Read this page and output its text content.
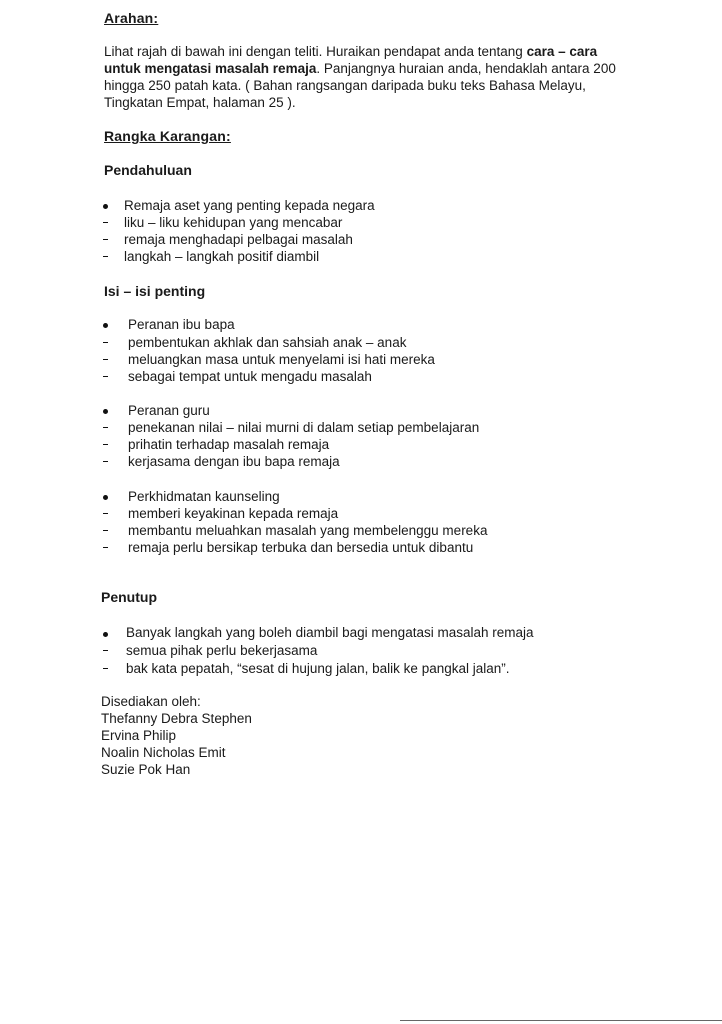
Arahan:
Lihat rajah di bawah ini dengan teliti. Huraikan pendapat anda tentang cara – cara untuk mengatasi masalah remaja. Panjangnya huraian anda, hendaklah antara 200 hingga 250 patah kata. ( Bahan rangsangan daripada buku teks Bahasa Melayu, Tingkatan Empat, halaman 25 ).
Rangka Karangan:
Pendahuluan
Remaja aset yang penting kepada negara
liku – liku kehidupan yang mencabar
remaja menghadapi pelbagai masalah
langkah – langkah positif diambil
Isi – isi penting
Peranan ibu bapa
pembentukan akhlak dan sahsiah anak – anak
meluangkan masa untuk menyelami isi hati mereka
sebagai tempat untuk mengadu masalah
Peranan guru
penekanan nilai – nilai murni di dalam setiap pembelajaran
prihatin terhadap masalah remaja
kerjasama dengan ibu bapa remaja
Perkhidmatan kaunseling
memberi keyakinan kepada remaja
membantu meluahkan masalah yang membelenggu mereka
remaja perlu bersikap terbuka dan bersedia untuk dibantu
Penutup
Banyak langkah yang boleh diambil bagi mengatasi masalah remaja
semua pihak perlu bekerjasama
bak kata pepatah, “sesat di hujung jalan, balik ke pangkal jalan”.
Disediakan oleh:
Thefanny Debra Stephen
Ervina Philip
Noalin Nicholas Emit
Suzie Pok Han
